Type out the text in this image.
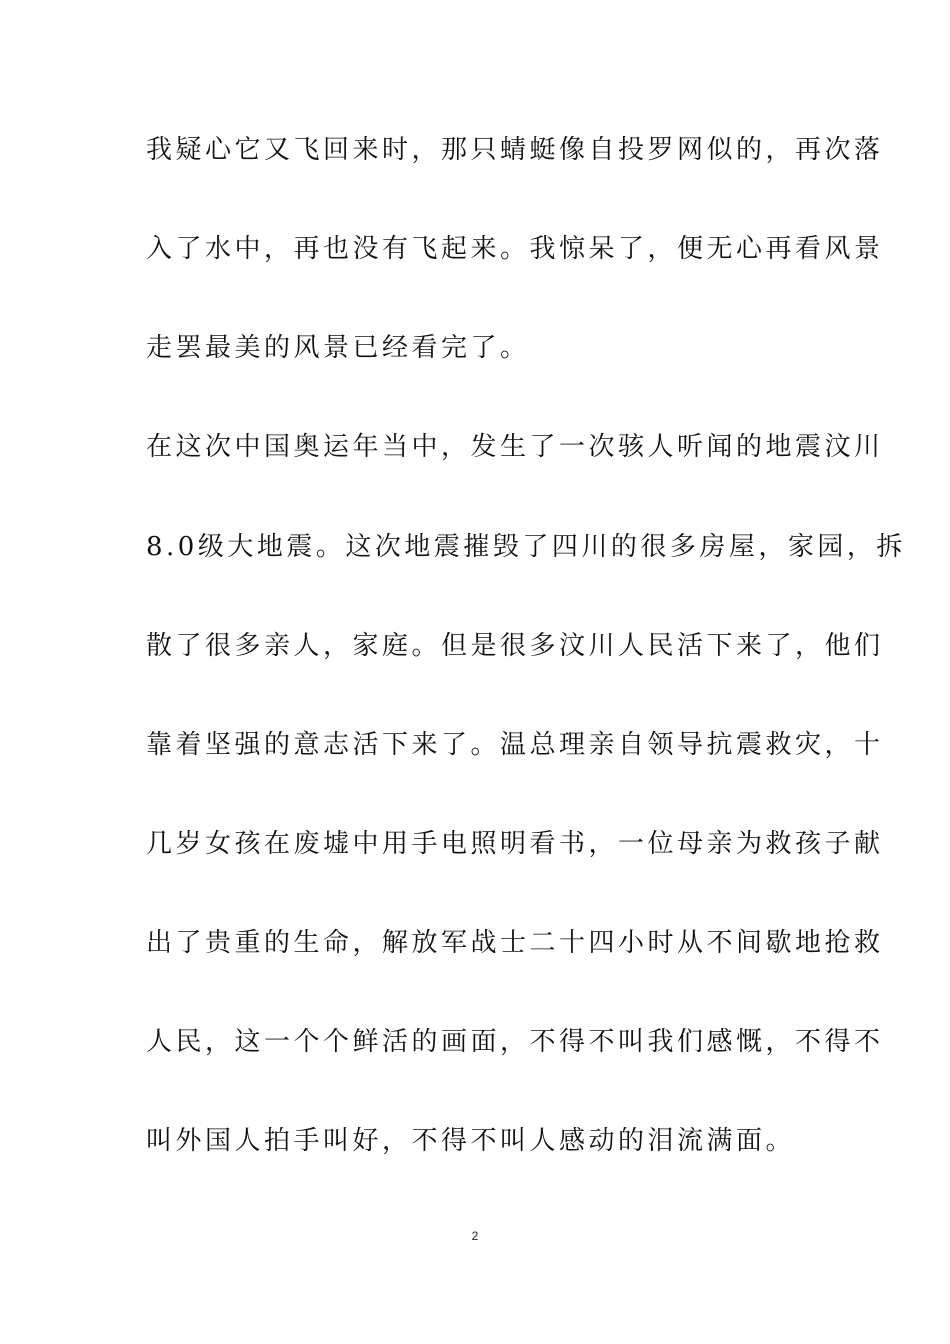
我疑心它又飞回来时，那只蜻蜓像自投罗网似的，再次落
入了水中，再也没有飞起来。我惊呆了，便无心再看风景
走罢最美的风景已经看完了。
在这次中国奥运年当中，发生了一次骇人听闻的地震汶川
8.0级大地震。这次地震摧毁了四川的很多房屋，家园，拆
散了很多亲人，家庭。但是很多汶川人民活下来了，他们
靠着坚强的意志活下来了。温总理亲自领导抗震救灾，十
几岁女孩在废墟中用手电照明看书，一位母亲为救孩子献
出了贵重的生命，解放军战士二十四小时从不间歇地抢救
人民，这一个个鲜活的画面，不得不叫我们感慨，不得不
叫外国人拍手叫好，不得不叫人感动的泪流满面。
2
